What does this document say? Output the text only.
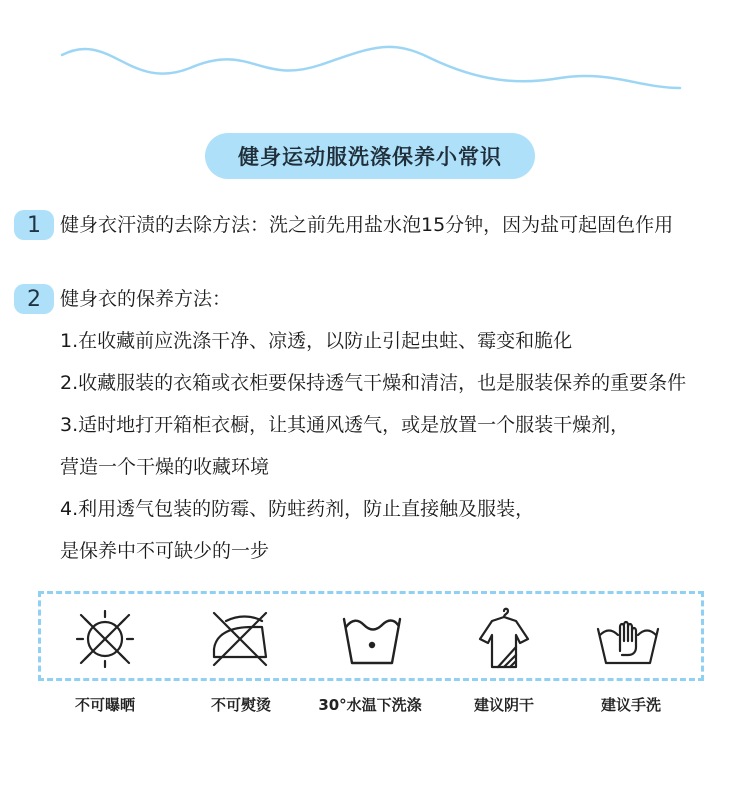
健身运动服洗涤保养小常识
1	健身衣汗渍的去除方法：洗之前先用盐水泡15分钟，因为盐可起固色作用
2	健身衣的保养方法：
1.在收藏前应洗涤干净、凉透，以防止引起虫蛀、霉变和脆化
2.收藏服装的衣箱或衣柜要保持透气干燥和清洁，也是服装保养的重要条件
3.适时地打开箱柜衣橱，让其通风透气，或是放置一个服装干燥剂，
营造一个干燥的收藏环境
4.利用透气包装的防霉、防蛀药剂，防止直接触及服装，
是保养中不可缺少的一步
不可曝晒	不可熨烫	30°水温下洗涤	建议阴干	建议手洗
